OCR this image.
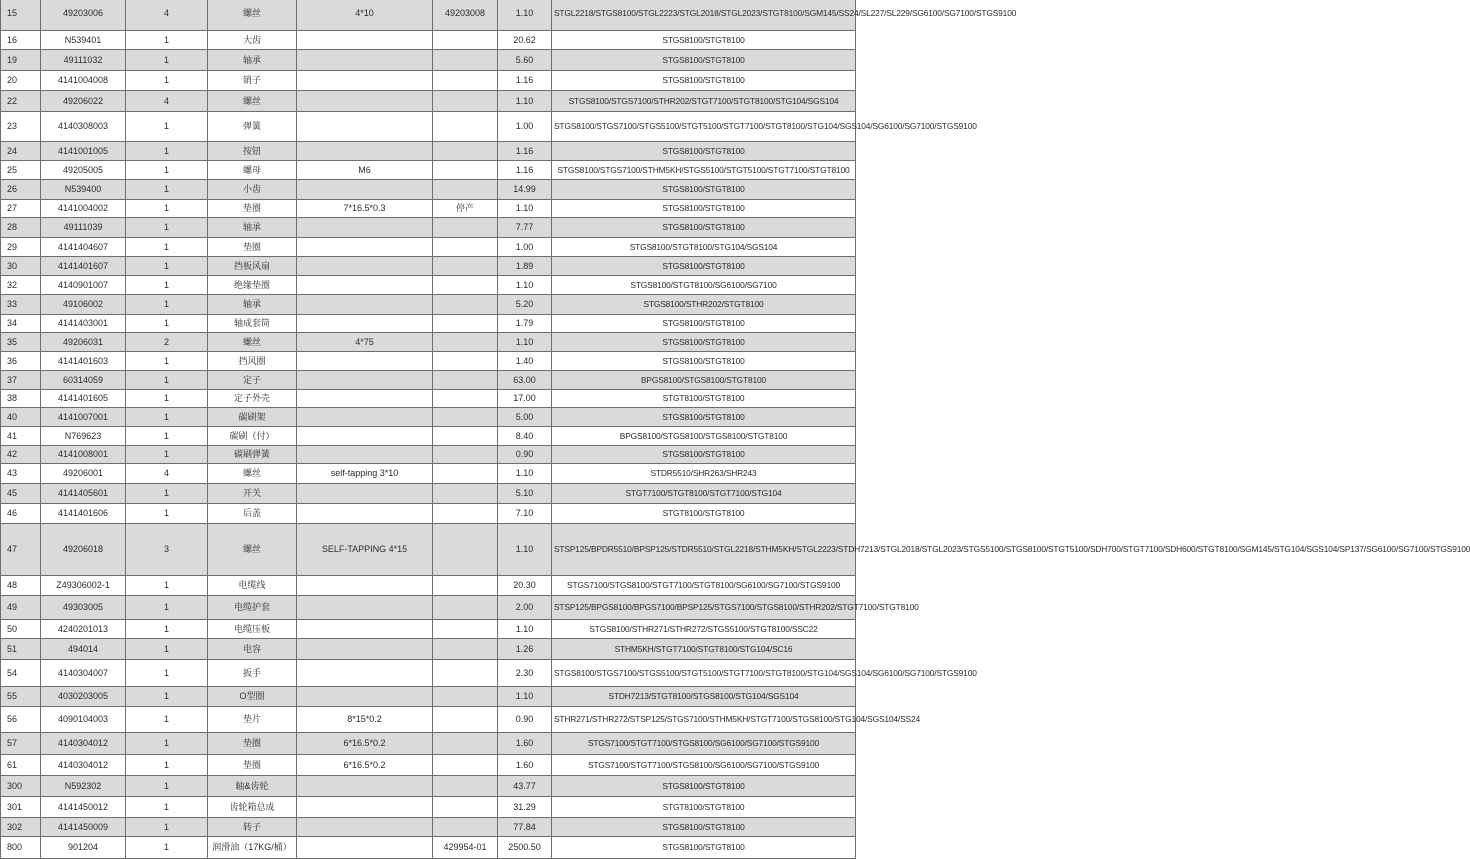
15	49203006	4	螺丝	4*10	49203008	1.10	STGL2218/STGS8100/STGL2223/STGL2018/STGL2023/STGT8100/SGM145/SS24/SL227/SL229/SG6100/SG7100/STGS9100
16	N539401	1	大齿			20.62	STGS8100/STGT8100
19	49111032	1	轴承			5.60	STGS8100/STGT8100
20	4141004008	1	销子			1.16	STGS8100/STGT8100
22	49206022	4	螺丝			1.10	STGS8100/STGS7100/STHR202/STGT7100/STGT8100/STG104/SGS104
23	4140308003	1	弹簧			1.00	STGS8100/STGS7100/STGS5100/STGT5100/STGT7100/STGT8100/STG104/SGS104/SG6100/SG7100/STGS9100
24	4141001005	1	按钮			1.16	STGS8100/STGT8100
25	49205005	1	螺母	M6		1.16	STGS8100/STGS7100/STHM5KH/STGS5100/STGT5100/STGT7100/STGT8100
26	N539400	1	小齿			14.99	STGS8100/STGT8100
27	4141004002	1	垫圈	7*16.5*0.3	停产	1.10	STGS8100/STGT8100
28	49111039	1	轴承			7.77	STGS8100/STGT8100
29	4141404607	1	垫圈			1.00	STGS8100/STGT8100/STG104/SGS104
30	4141401607	1	挡板风扇			1.89	STGS8100/STGT8100
32	4140901007	1	绝缘垫圈			1.10	STGS8100/STGT8100/SG6100/SG7100
33	49106002	1	轴承			5.20	STGS8100/STHR202/STGT8100
34	4141403001	1	轴成套筒			1.79	STGS8100/STGT8100
35	49206031	2	螺丝	4*75		1.10	STGS8100/STGT8100
36	4141401603	1	挡风圈			1.40	STGS8100/STGT8100
37	60314059	1	定子			63.00	BPGS8100/STGS8100/STGT8100
38	4141401605	1	定子外壳			17.00	STGT8100/STGT8100
40	4141007001	1	碳刷架			5.00	STGS8100/STGT8100
41	N769623	1	碳刷（付）			8.40	BPGS8100/STGS8100/STGS8100/STGT8100
42	4141008001	1	碳刷弹簧			0.90	STGS8100/STGT8100
43	49206001	4	螺丝	self-tapping 3*10		1.10	STDR5510/SHR263/SHR243
45	4141405601	1	开关			5.10	STGT7100/STGT8100/STGT7100/STG104
46	4141401606	1	后盖			7.10	STGT8100/STGT8100
47	49206018	3	螺丝	SELF-TAPPING 4*15		1.10	STSP125/BPDR5510/BPSP125/STDR5510/STGL2218/STHM5KH/STGL2223/STDH7213/STGL2018/STGL2023/STGS5100/STGS8100/STGT5100/SDH700/STGT7100/SDH600/STGT8100/SGM145/STG104/SGS104/SP137/SG6100/SG7100/STGS9100
48	Z49306002-1	1	电缆线			20.30	STGS7100/STGS8100/STGT7100/STGT8100/SG6100/SG7100/STGS9100
49	49303005	1	电缆护套			2.00	STSP125/BPGS8100/BPGS7100/BPSP125/STGS7100/STGS8100/STHR202/STGT7100/STGT8100
50	4240201013	1	电缆压板			1.10	STGS8100/STHR271/STHR272/STGS5100/STGT8100/SSC22
51	494014	1	电容			1.26	STHM5KH/STGT7100/STGT8100/STG104/SC16
54	4140304007	1	扳手			2.30	STGS8100/STGS7100/STGS5100/STGT5100/STGT7100/STGT8100/STG104/SGS104/SG6100/SG7100/STGS9100
55	4030203005	1	O型圈			1.10	STDH7213/STGT8100/STGS8100/STG104/SGS104
56	4090104003	1	垫片	8*15*0.2		0.90	STHR271/STHR272/STSP125/STGS7100/STHM5KH/STGT7100/STGS8100/STG104/SGS104/SS24
57	4140304012	1	垫圈	6*16.5*0.2		1.60	STGS7100/STGT7100/STGS8100/SG6100/SG7100/STGS9100
61	4140304012	1	垫圈	6*16.5*0.2		1.60	STGS7100/STGT7100/STGS8100/SG6100/SG7100/STGS9100
300	N592302	1	轴&齿轮			43.77	STGS8100/STGT8100
301	4141450012	1	齿轮箱总成			31.29	STGT8100/STGT8100
302	4141450009	1	转子			77.84	STGS8100/STGT8100
800	901204	1	润滑油（17KG/桶）		429954-01	2500.50	STGS8100/STGT8100
